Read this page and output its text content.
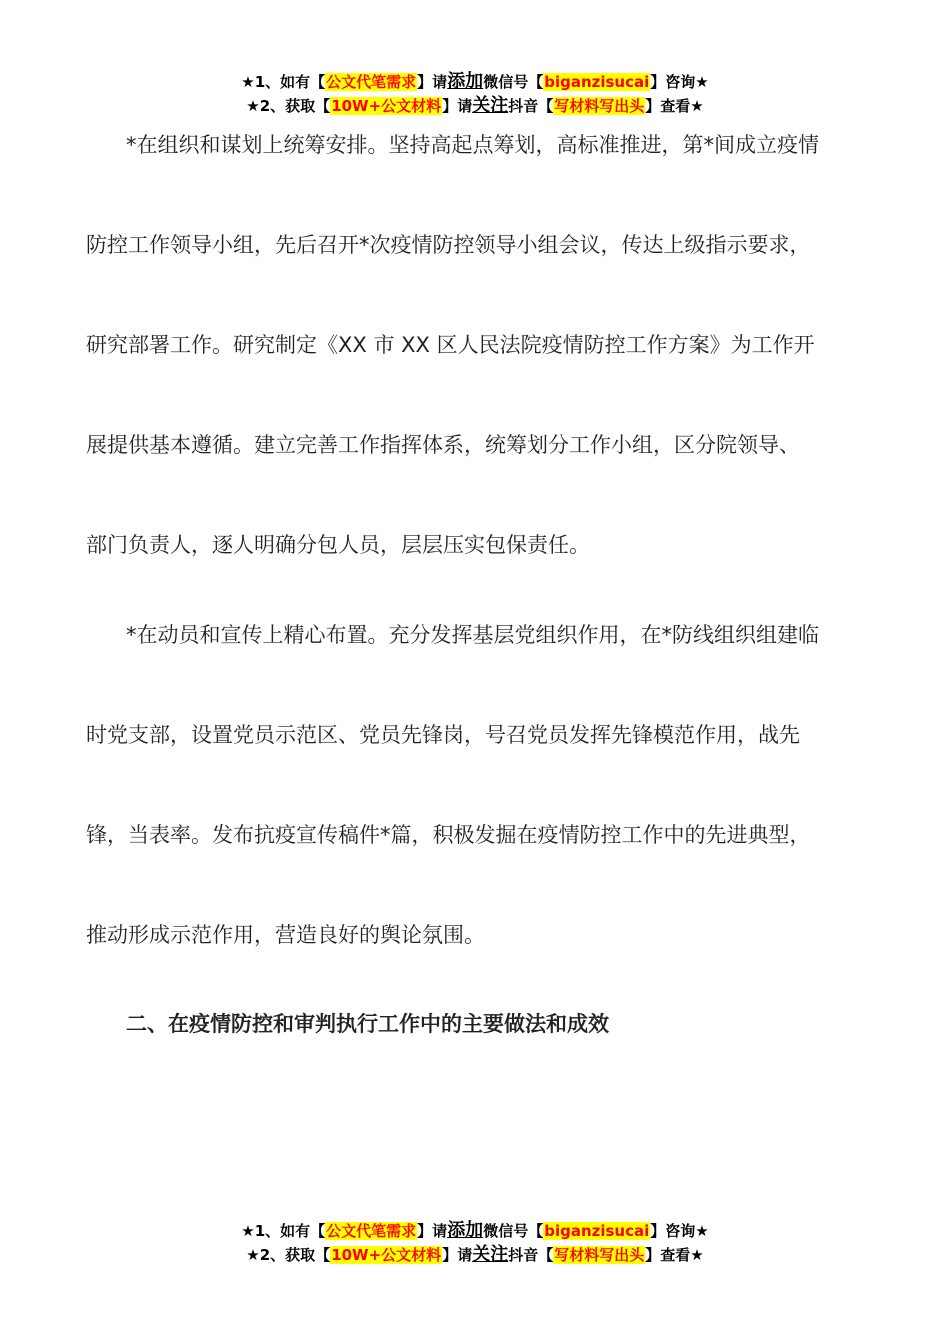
★1、如有【公文代笔需求】请添加微信号【biganzisucai】咨询★
★2、获取【10W+公文材料】请关注抖音【写材料写出头】查看★
*在组织和谋划上统筹安排。坚持高起点筹划，高标准推进，第*间成立疫情
防控工作领导小组，先后召开*次疫情防控领导小组会议，传达上级指示要求，
研究部署工作。研究制定《XX 市 XX 区人民法院疫情防控工作方案》为工作开
展提供基本遵循。建立完善工作指挥体系，统筹划分工作小组，区分院领导、
部门负责人，逐人明确分包人员，层层压实包保责任。
*在动员和宣传上精心布置。充分发挥基层党组织作用，在*防线组织组建临
时党支部，设置党员示范区、党员先锋岗，号召党员发挥先锋模范作用，战先
锋，当表率。发布抗疫宣传稿件*篇，积极发掘在疫情防控工作中的先进典型，
推动形成示范作用，营造良好的舆论氛围。
二、在疫情防控和审判执行工作中的主要做法和成效
★1、如有【公文代笔需求】请添加微信号【biganzisucai】咨询★
★2、获取【10W+公文材料】请关注抖音【写材料写出头】查看★
